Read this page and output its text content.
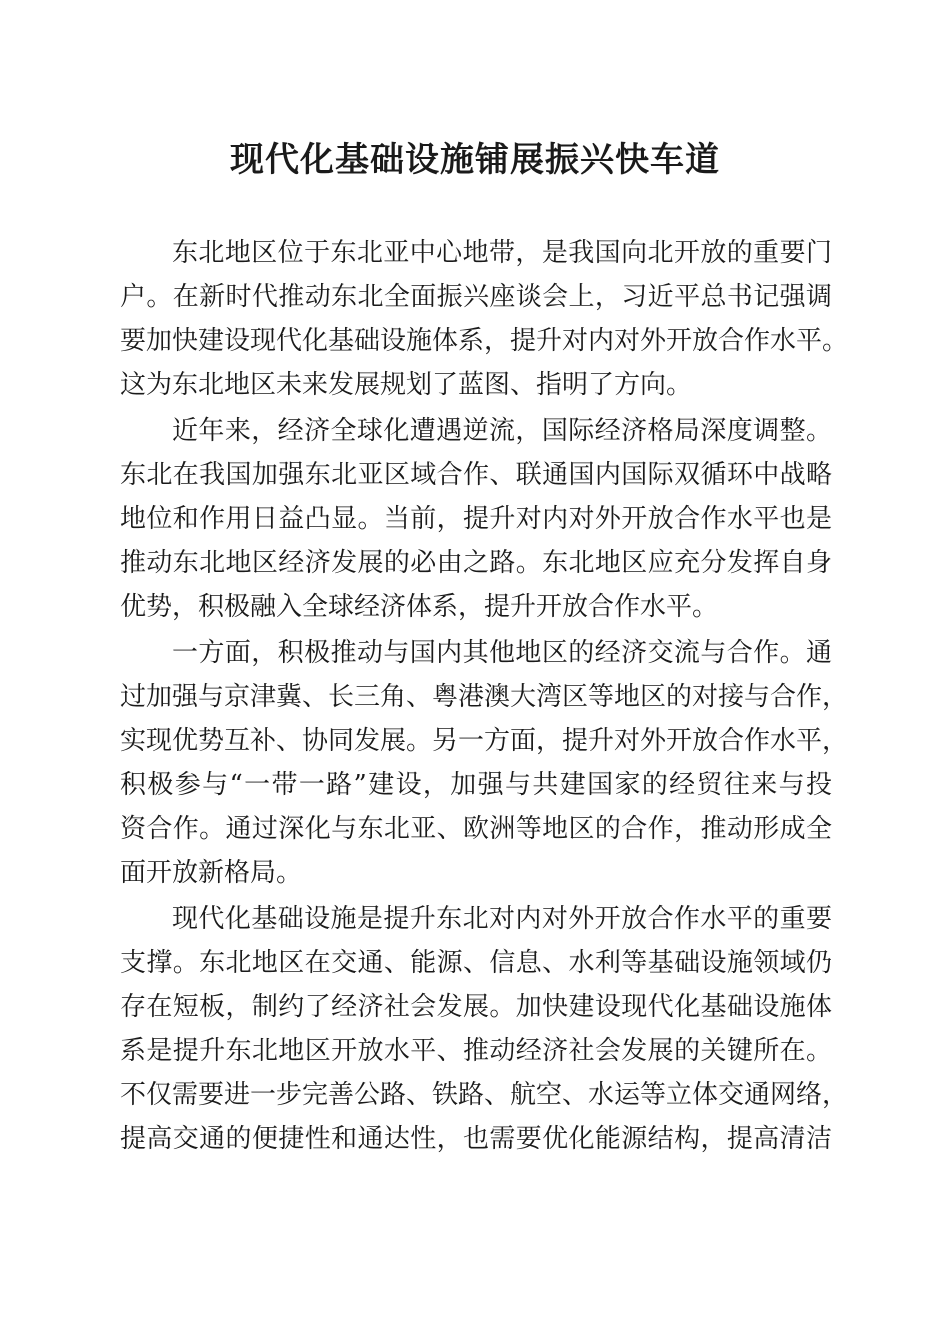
现代化基础设施铺展振兴快车道

东北地区位于东北亚中心地带，是我国向北开放的重要门

户。在新时代推动东北全面振兴座谈会上，习近平总书记强调

要加快建设现代化基础设施体系，提升对内对外开放合作水平。

这为东北地区未来发展规划了蓝图、指明了方向。

近年来，经济全球化遭遇逆流，国际经济格局深度调整。

东北在我国加强东北亚区域合作、联通国内国际双循环中战略

地位和作用日益凸显。当前，提升对内对外开放合作水平也是

推动东北地区经济发展的必由之路。东北地区应充分发挥自身

优势，积极融入全球经济体系，提升开放合作水平。

一方面，积极推动与国内其他地区的经济交流与合作。通

过加强与京津冀、长三角、粤港澳大湾区等地区的对接与合作，

实现优势互补、协同发展。另一方面，提升对外开放合作水平，

积极参与“一带一路”建设，加强与共建国家的经贸往来与投

资合作。通过深化与东北亚、欧洲等地区的合作，推动形成全

面开放新格局。

现代化基础设施是提升东北对内对外开放合作水平的重要

支撑。东北地区在交通、能源、信息、水利等基础设施领域仍

存在短板，制约了经济社会发展。加快建设现代化基础设施体

系是提升东北地区开放水平、推动经济社会发展的关键所在。

不仅需要进一步完善公路、铁路、航空、水运等立体交通网络，

提高交通的便捷性和通达性，也需要优化能源结构，提高清洁
